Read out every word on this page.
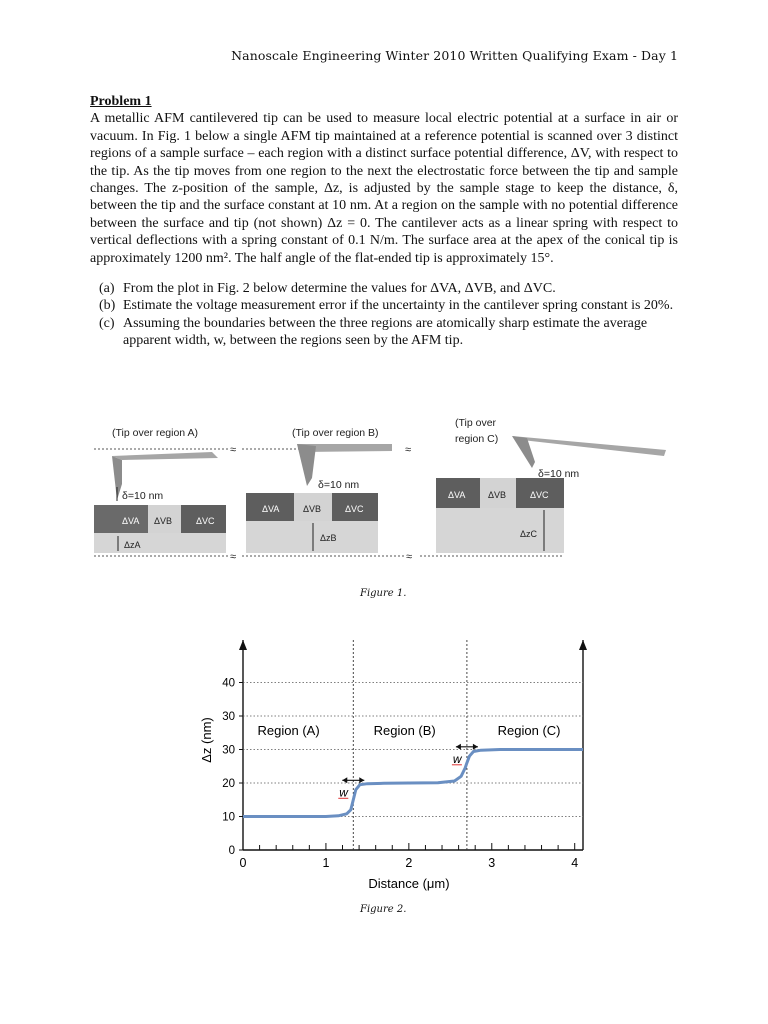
Nanoscale Engineering Winter 2010 Written Qualifying Exam - Day 1

Problem 1

A metallic AFM cantilevered tip can be used to measure local electric potential at a surface in air or vacuum. In Fig. 1 below a single AFM tip maintained at a reference potential is scanned over 3 distinct regions of a sample surface – each region with a distinct surface potential difference, ΔV, with respect to the tip. As the tip moves from one region to the next the electrostatic force between the tip and sample changes. The z-position of the sample, Δz, is adjusted by the sample stage to keep the distance, δ, between the tip and the surface constant at 10 nm. At a region on the sample with no potential difference between the surface and tip (not shown) Δz = 0. The cantilever acts as a linear spring with respect to vertical deflections with a spring constant of 0.1 N/m. The surface area at the apex of the conical tip is approximately 1200 nm². The half angle of the flat-ended tip is approximately 15°.

(a) From the plot in Fig. 2 below determine the values for ΔVA, ΔVB, and ΔVC.
(b) Estimate the voltage measurement error if the uncertainty in the cantilever spring constant is 20%.
(c) Assuming the boundaries between the three regions are atomically sharp estimate the average apparent width, w, between the regions seen by the AFM tip.
(Tip over region A)
≈	≈
ΔVA ΔVB	ΔVC
δ=10 nm
ΔzA
(Tip over region B)
ΔVA	ΔVB	ΔVC
δ=10 nm
ΔzB
(Tip over
region C)
ΔVA	ΔVB	ΔVC
δ=10 nm
ΔzC
≈	≈
Figure 1.
0
10
20
30
30
40
0	1	2	3	4
Distance (μm)
Δz (nm)	Region (A)	Region (B)	Region (C)
w
w
Figure 2.
